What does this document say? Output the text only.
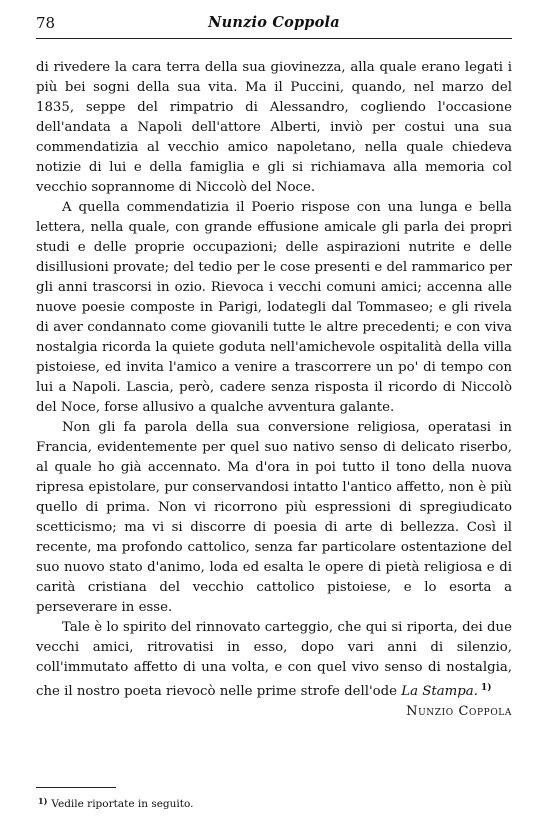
78	Nunzio Coppola

di rivedere la cara terra della sua giovinezza, alla quale erano legati i più bei sogni della sua vita. Ma il Puccini, quando, nel marzo del 1835, seppe del rimpatrio di Alessandro, cogliendo l'occasione dell'andata a Napoli dell'attore Alberti, inviò per costui una sua commendatizia al vecchio amico napoletano, nella quale chiedeva notizie di lui e della famiglia e gli si richiamava alla memoria col vecchio soprannome di Niccolò del Noce.

A quella commendatizia il Poerio rispose con una lunga e bella lettera, nella quale, con grande effusione amicale gli parla dei propri studi e delle proprie occupazioni; delle aspirazioni nutrite e delle disillusioni provate; del tedio per le cose presenti e del rammarico per gli anni trascorsi in ozio. Rievoca i vecchi comuni amici; accenna alle nuove poesie composte in Parigi, lodategli dal Tommaseo; e gli rivela di aver condannato come giovanili tutte le altre precedenti; e con viva nostalgia ricorda la quiete goduta nell'amichevole ospitalità della villa pistoiese, ed invita l'amico a venire a trascorrere un po' di tempo con lui a Napoli. Lascia, però, cadere senza risposta il ricordo di Niccolò del Noce, forse allusivo a qualche avventura galante.

Non gli fa parola della sua conversione religiosa, operatasi in Francia, evidentemente per quel suo nativo senso di delicato riserbo, al quale ho già accennato. Ma d'ora in poi tutto il tono della nuova ripresa epistolare, pur conservandosi intatto l'antico affetto, non è più quello di prima. Non vi ricorrono più espressioni di spregiudicato scetticismo; ma vi si discorre di poesia di arte di bellezza. Così il recente, ma profondo cattolico, senza far particolare ostentazione del suo nuovo stato d'animo, loda ed esalta le opere di pietà religiosa e di carità cristiana del vecchio cattolico pistoiese, e lo esorta a perseverare in esse.

Tale è lo spirito del rinnovato carteggio, che qui si riporta, dei due vecchi amici, ritrovatisi in esso, dopo vari anni di silenzio, coll'immutato affetto di una volta, e con quel vivo senso di nostalgia, che il nostro poeta rievocò nelle prime strofe dell'ode La Stampa. $^{1)}$

Nunzio Coppola
$^{1)}$ Vedile riportate in seguito.
